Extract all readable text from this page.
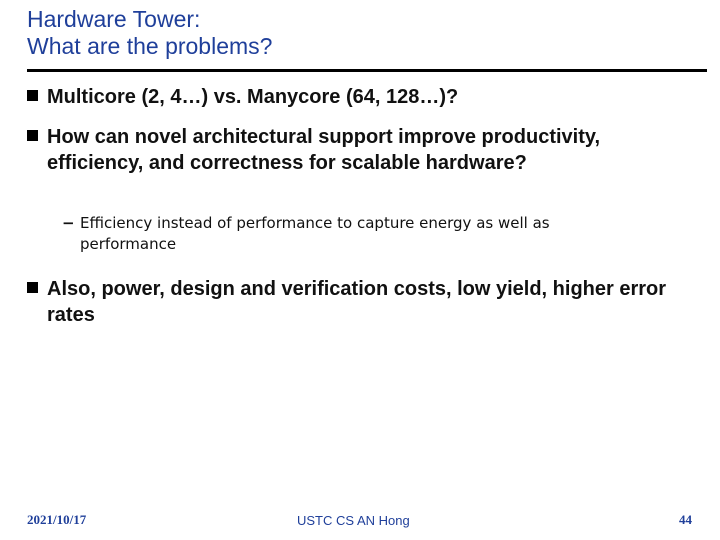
Hardware Tower:
What are the problems?
Multicore (2, 4…) vs. Manycore (64, 128…)?
How can novel architectural support improve productivity, efficiency, and correctness for scalable hardware?
− Efficiency instead of performance to capture energy as well as performance
Also, power, design and verification costs, low yield, higher error rates
2021/10/17	USTC CS AN Hong	44
